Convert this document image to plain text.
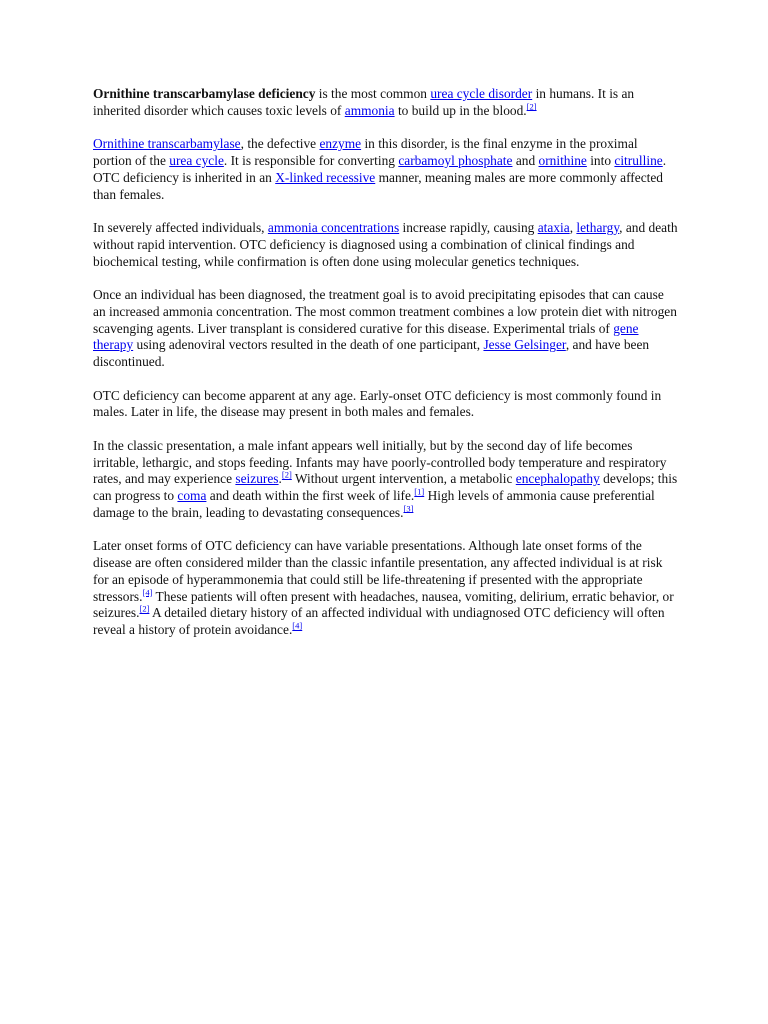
Ornithine transcarbamylase deficiency is the most common urea cycle disorder in humans. It is an inherited disorder which causes toxic levels of ammonia to build up in the blood.[2]

Ornithine transcarbamylase, the defective enzyme in this disorder, is the final enzyme in the proximal portion of the urea cycle. It is responsible for converting carbamoyl phosphate and ornithine into citrulline. OTC deficiency is inherited in an X-linked recessive manner, meaning males are more commonly affected than females.

In severely affected individuals, ammonia concentrations increase rapidly, causing ataxia, lethargy, and death without rapid intervention. OTC deficiency is diagnosed using a combination of clinical findings and biochemical testing, while confirmation is often done using molecular genetics techniques.

Once an individual has been diagnosed, the treatment goal is to avoid precipitating episodes that can cause an increased ammonia concentration. The most common treatment combines a low protein diet with nitrogen scavenging agents. Liver transplant is considered curative for this disease. Experimental trials of gene therapy using adenoviral vectors resulted in the death of one participant, Jesse Gelsinger, and have been discontinued.

OTC deficiency can become apparent at any age. Early-onset OTC deficiency is most commonly found in males. Later in life, the disease may present in both males and females.

In the classic presentation, a male infant appears well initially, but by the second day of life becomes irritable, lethargic, and stops feeding. Infants may have poorly-controlled body temperature and respiratory rates, and may experience seizures.[2] Without urgent intervention, a metabolic encephalopathy develops; this can progress to coma and death within the first week of life.[1] High levels of ammonia cause preferential damage to the brain, leading to devastating consequences.[3]

Later onset forms of OTC deficiency can have variable presentations. Although late onset forms of the disease are often considered milder than the classic infantile presentation, any affected individual is at risk for an episode of hyperammonemia that could still be life-threatening if presented with the appropriate stressors.[4] These patients will often present with headaches, nausea, vomiting, delirium, erratic behavior, or seizures.[2] A detailed dietary history of an affected individual with undiagnosed OTC deficiency will often reveal a history of protein avoidance.[4]
